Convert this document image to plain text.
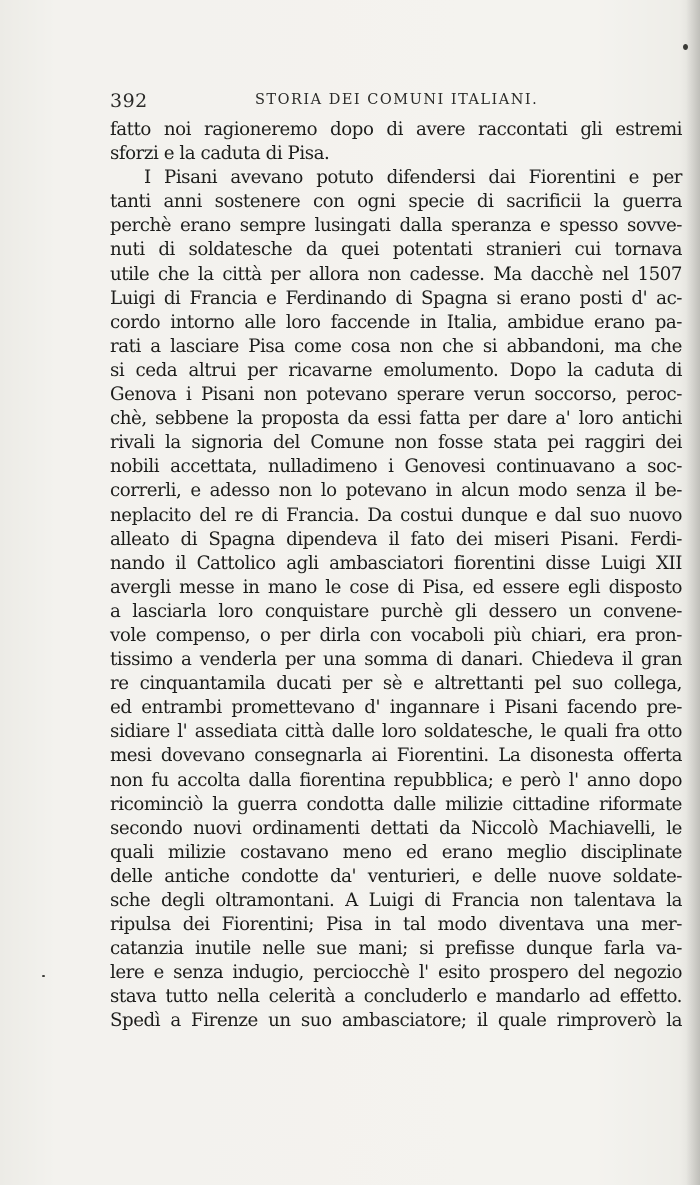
392	STORIA DEI COMUNI ITALIANI.
fatto noi ragioneremo dopo di avere raccontati gli estremi
sforzi e la caduta di Pisa.
I Pisani avevano potuto difendersi dai Fiorentini e per
tanti anni sostenere con ogni specie di sacrificii la guerra
perchè erano sempre lusingati dalla speranza e spesso sovve-
nuti di soldatesche da quei potentati stranieri cui tornava
utile che la città per allora non cadesse. Ma dacchè nel 1507
Luigi di Francia e Ferdinando di Spagna si erano posti d' ac-
cordo intorno alle loro faccende in Italia, ambidue erano pa-
rati a lasciare Pisa come cosa non che si abbandoni, ma che
si ceda altrui per ricavarne emolumento. Dopo la caduta di
Genova i Pisani non potevano sperare verun soccorso, peroc-
chè, sebbene la proposta da essi fatta per dare a' loro antichi
rivali la signoria del Comune non fosse stata pei raggiri dei
nobili accettata, nulladimeno i Genovesi continuavano a soc-
correrli, e adesso non lo potevano in alcun modo senza il be-
neplacito del re di Francia. Da costui dunque e dal suo nuovo
alleato di Spagna dipendeva il fato dei miseri Pisani. Ferdi-
nando il Cattolico agli ambasciatori fiorentini disse Luigi XII
avergli messe in mano le cose di Pisa, ed essere egli disposto
a lasciarla loro conquistare purchè gli dessero un convene-
vole compenso, o per dirla con vocaboli più chiari, era pron-
tissimo a venderla per una somma di danari. Chiedeva il gran
re cinquantamila ducati per sè e altrettanti pel suo collega,
ed entrambi promettevano d' ingannare i Pisani facendo pre-
sidiare l' assediata città dalle loro soldatesche, le quali fra otto
mesi dovevano consegnarla ai Fiorentini. La disonesta offerta
non fu accolta dalla fiorentina repubblica; e però l' anno dopo
ricominciò la guerra condotta dalle milizie cittadine riformate
secondo nuovi ordinamenti dettati da Niccolò Machiavelli, le
quali milizie costavano meno ed erano meglio disciplinate
delle antiche condotte da' venturieri, e delle nuove soldate-
sche degli oltramontani. A Luigi di Francia non talentava la
ripulsa dei Fiorentini; Pisa in tal modo diventava una mer-
catanzia inutile nelle sue mani; si prefisse dunque farla va-
lere e senza indugio, perciocchè l' esito prospero del negozio
stava tutto nella celerità a concluderlo e mandarlo ad effetto.
Spedì a Firenze un suo ambasciatore; il quale rimproverò la
